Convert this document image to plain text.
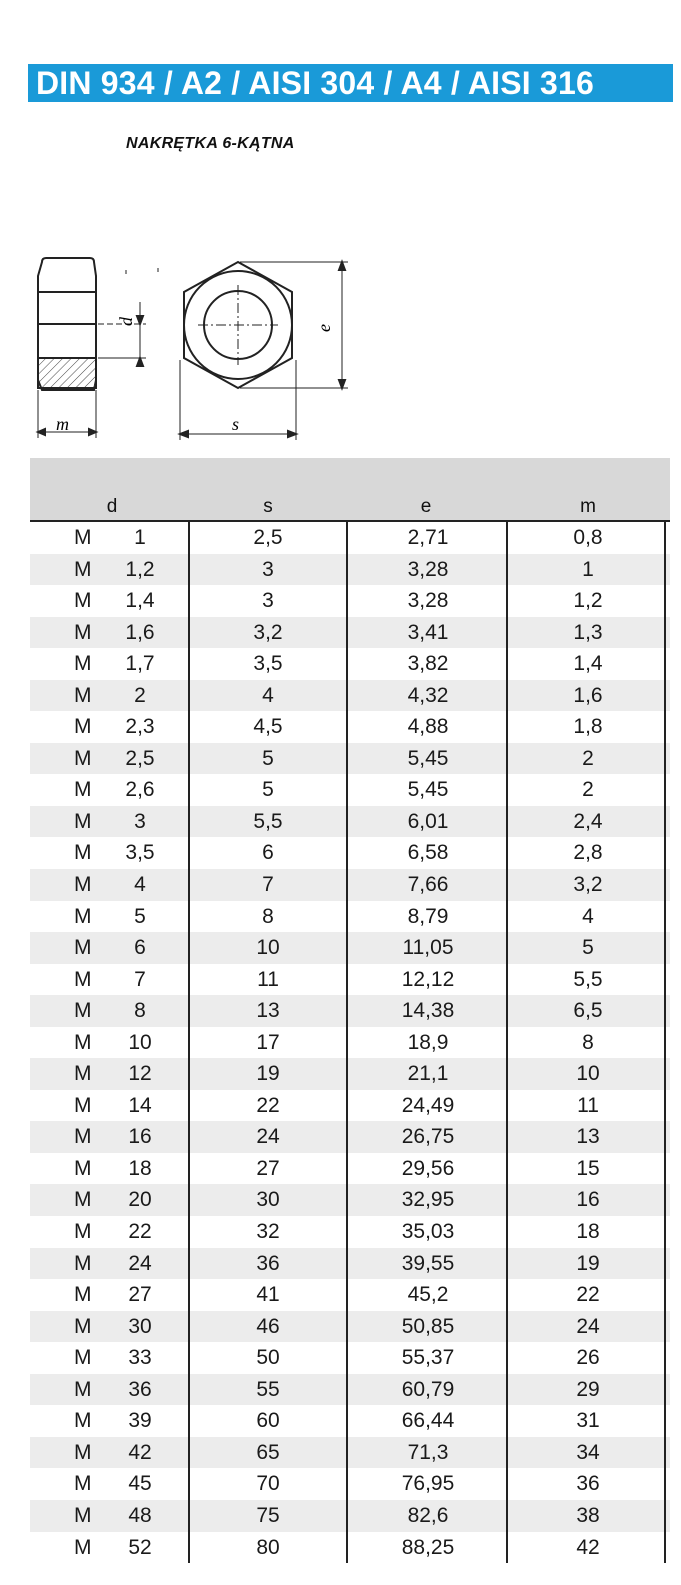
DIN 934 / A2 / AISI 304 / A4 / AISI 316
NAKRĘTKA 6-KĄTNA
d
m
e
s
d	s	e	m
M	1	2,5	2,71	0,8
M	1,2	3	3,28	1
M	1,4	3	3,28	1,2
M	1,6	3,2	3,41	1,3
M	1,7	3,5	3,82	1,4
M	2	4	4,32	1,6
M	2,3	4,5	4,88	1,8
M	2,5	5	5,45	2
M	2,6	5	5,45	2
M	3	5,5	6,01	2,4
M	3,5	6	6,58	2,8
M	4	7	7,66	3,2
M	5	8	8,79	4
M	6	10	11,05	5
M	7	11	12,12	5,5
M	8	13	14,38	6,5
M	10	17	18,9	8
M	12	19	21,1	10
M	14	22	24,49	11
M	16	24	26,75	13
M	18	27	29,56	15
M	20	30	32,95	16
M	22	32	35,03	18
M	24	36	39,55	19
M	27	41	45,2	22
M	30	46	50,85	24
M	33	50	55,37	26
M	36	55	60,79	29
M	39	60	66,44	31
M	42	65	71,3	34
M	45	70	76,95	36
M	48	75	82,6	38
M	52	80	88,25	42
